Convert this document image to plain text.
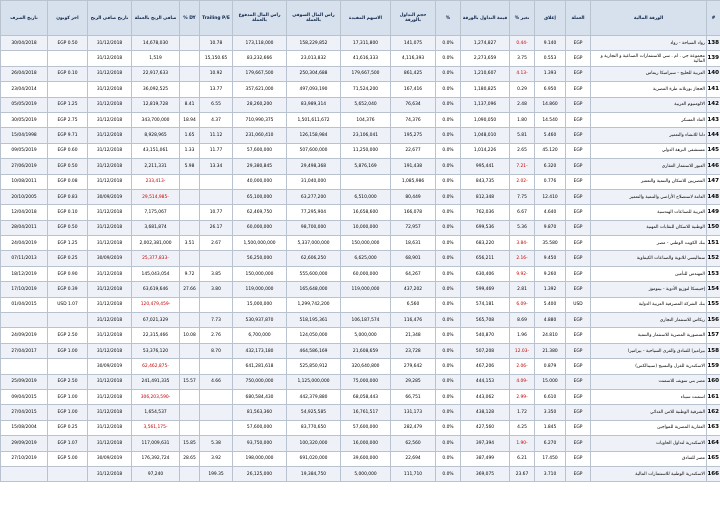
#	الورقة المالية	العملة	إغلاق	تغير %	قيمة التداول بالورقة	%	حجم التداول بالورقة	الاسهم المقيدة	راس المال السوقي بالعملة	راس المال المدفوع بالعملة	Trailing P/E	DY %	صافي الربح بالعملة	تاريخ صافي الربح	اخر كوبون	تاريخ الصرف
138	رواد السياحة - رواد	EGP	9.140	-0.44	1,274,827	0.0%	141,075	17,311,800	158,229,852	173,118,000	10.78		14,678,030	31/12/2018	EGP 0.50	30/04/2018
139	مجموعة جي . ام . سي للاستثمارات الصناعية و التجارية و المالية	EGP	0.553	3.75	2,273,659	0.0%	4,116,393	41,616,333	23,013,832	83,232,666	15,150.65		1,519	31/12/2018		
140	العربية للحليج - سبرامبكا ريماس	EGP	1.393	-4.13	1,210,607	0.0%	861,425	179,667,500	250,304,688	179,667,500	10.92		22,917,633	31/12/2018	EGP 0.10	26/04/2018
141	الحجاز بورتلاند طرة المصرية	EGP	6.950	0.29	1,180,825	0.0%	167,416	71,524,200	497,093,190	357,621,000	13.77		36,092,525	31/12/2018		23/04/2014
142	الالومنيوم العربية	EGP	14.860	2.48	1,137,096	0.0%	76,634	5,652,040	83,989,314	28,260,200	6.55	8.41	12,819,728	31/12/2018	EGP 1.25	05/05/2019
143	الماد المسكر	EGP	14.540	1.80	1,090,050	0.0%	74,376	104,376	1,501,611,672	710,990,375	4.37	18.94	343,700,000	31/12/2018	EGP 2.75	30/05/2019
144	دلتا للانشاء والتعمير	EGP	5.460	5.81	1,048,010	0.0%	195,275	23,106,041	126,158,984	231,060,410	11.12	1.65	8,928,965	31/12/2018	EGP 9.71	15/04/1998
145	مستشفى النزهة الدولي	EGP	45.120	2.65	1,014,226	0.0%	22,677	11,250,000	507,600,000	57,600,000	11.77	1.33	43,151,061	31/12/2018	EGP 0.60	09/05/2019
146	العبور للاستثمار العقاري	EGP	6.320	-7.21	995,441	0.0%	191,438	5,876,169	29,498,368	29,380,845	13.34	5.98	2,211,331	31/12/2018	EGP 0.50	27/06/2019
147	المصريين للاسكان والتنمية والتعمير	EGP	0.776	-2.02	843,735	0.0%	1,085,986		31,040,000	40,000,000			-233,413	31/12/2018	EGP 0.08	10/08/2011
148	العامة لاستصلاح الأراضي والتنمية والتعمير	EGP	12.410	7.75	812,348	0.0%	80,449	6,510,000	63,277,200	65,100,000			-29,514,985	30/09/2019	EGP 0.83	20/10/2005
149	العربية للصناعات الهندسية	EGP	4.640	6.67	762,036	0.0%	166,078	16,658,600	77,295,904	62,469,750	10.77		7,175,067	31/12/2018	EGP 0.10	12/04/2018
150	الوطنية للاسكان للنقابات المهنية	EGP	9.870	5.36	699,536	0.0%	72,957	10,000,000	98,700,000	60,000,000	26.17		3,681,874	31/12/2018	EGP 0.50	28/04/2011
151	بنك الكويت الوطني - مصر	EGP	35.580	-3.84	683,220	0.0%	18,631	150,000,000	5,337,000,000	1,500,000,000	2.67	3.51	2,002,381,000	31/12/2018	EGP 1.25	24/04/2019
152	سماليسي للانوية والصناعات الكيماوية	EGP	9.450	-2.16	656,211	0.0%	68,901	6,625,000	62,606,250	56,250,000			-25,377,833	30/09/2019	EGP 0.25	07/11/2013
153	المهندس للتأمين	EGP	9.260	-9.92	630,406	0.0%	64,267	60,000,000	555,600,000	150,000,000	3.85	9.72	145,043,054	31/12/2018	EGP 0.90	18/12/2019
154	إختيمنكا لتوزيع الأدوية - بيتوموز	EGP	1.392	2.81	599,469	0.0%	437,202	119,000,000	165,648,000	119,000,000	3.80	27.66	63,619,646	31/12/2018	EGP 0.39	17/10/2019
155	بنك الشركة المصرفية العربية الدولية	USD	5.400	-6.09	574,181	0.0%	6,560		1,299,742,200	15,000,000			-120,479,459	31/12/2018	USD 1.07	01/04/2015
156	ريكاس للاستثمار التجاري	EGP	4.880	8.69	565,708	0.0%	116,476	106,187,574	518,195,361	530,937,870	7.73		67,021,329	31/12/2018		
157	المنصورية المصرية للاستثمار والتنمية	EGP	24.810	1.96	540,870	0.0%	21,348	5,000,000	124,050,000	6,700,000	2.76	10.08	22,315,466	31/12/2018	EGP 2.50	24/09/2019
158	بيراميزا للفنادق والقرى السياحية - بيراميزا	EGP	21.380	-12.03	507,208	0.0%	23,728	21,608,659	464,586,169	432,173,180	8.70		53,376,120	31/12/2018	EGP 1.00	27/04/2017
159	الاسكندرية للغزل والنسيج (سبينالكس)	EGP	0.879	-2.06	467,206	0.0%	279,642	320,640,800	525,850,912	641,281,618			-62,462,875	30/09/2019		
160	مصر بني سويف للاسمنت	EGP	15.000	-4.09	444,153	0.0%	29,285	75,000,000	1,125,000,000	750,000,000	4.66	15.57	241,491,335	31/12/2018	EGP 2.50	25/09/2019
161	اسمنت سيناء	EGP	6.610	-2.99	443,062	0.0%	66,751	68,058,443	442,379,880	680,584,430			-306,203,590	31/12/2018	EGP 1.00	09/04/2015
162	الشرقية الوطنية للامن الغذائي	EGP	3.350	1.72	438,128	0.0%	131,173	16,761,517	54,925,585	81,563,360			1,654,537	31/12/2018	EGP 1.00	27/04/2015
163	العقارية المصرية للمواجين	EGP	1.845	4.25	427,560	0.0%	282,479	57,600,000	83,770,650	57,600,000			-3,561,175	31/12/2018	EGP 0.25	15/08/2004
164	الاسكندرية لتداول الحاويات	EGP	6.270	-1.90	397,394	0.0%	62,560	16,000,000	100,320,000	93,750,000	5.38	15.85	117,009,631	31/12/2018	EGP 1.07	29/09/2019
165	مصر للفنادق	EGP	17.450	6.21	387,499	0.0%	22,694	39,600,000	691,020,000	198,000,000	3.92	28.65	176,392,724	30/09/2019	EGP 5.00	27/10/2019
166	الاسكندرية الوطنية للاستثمارات المالية	EGP	3.710	23.67	369,075	0.0%	111,710	5,000,000	19,384,750	26,125,000	199.35		97,240	31/12/2018		
